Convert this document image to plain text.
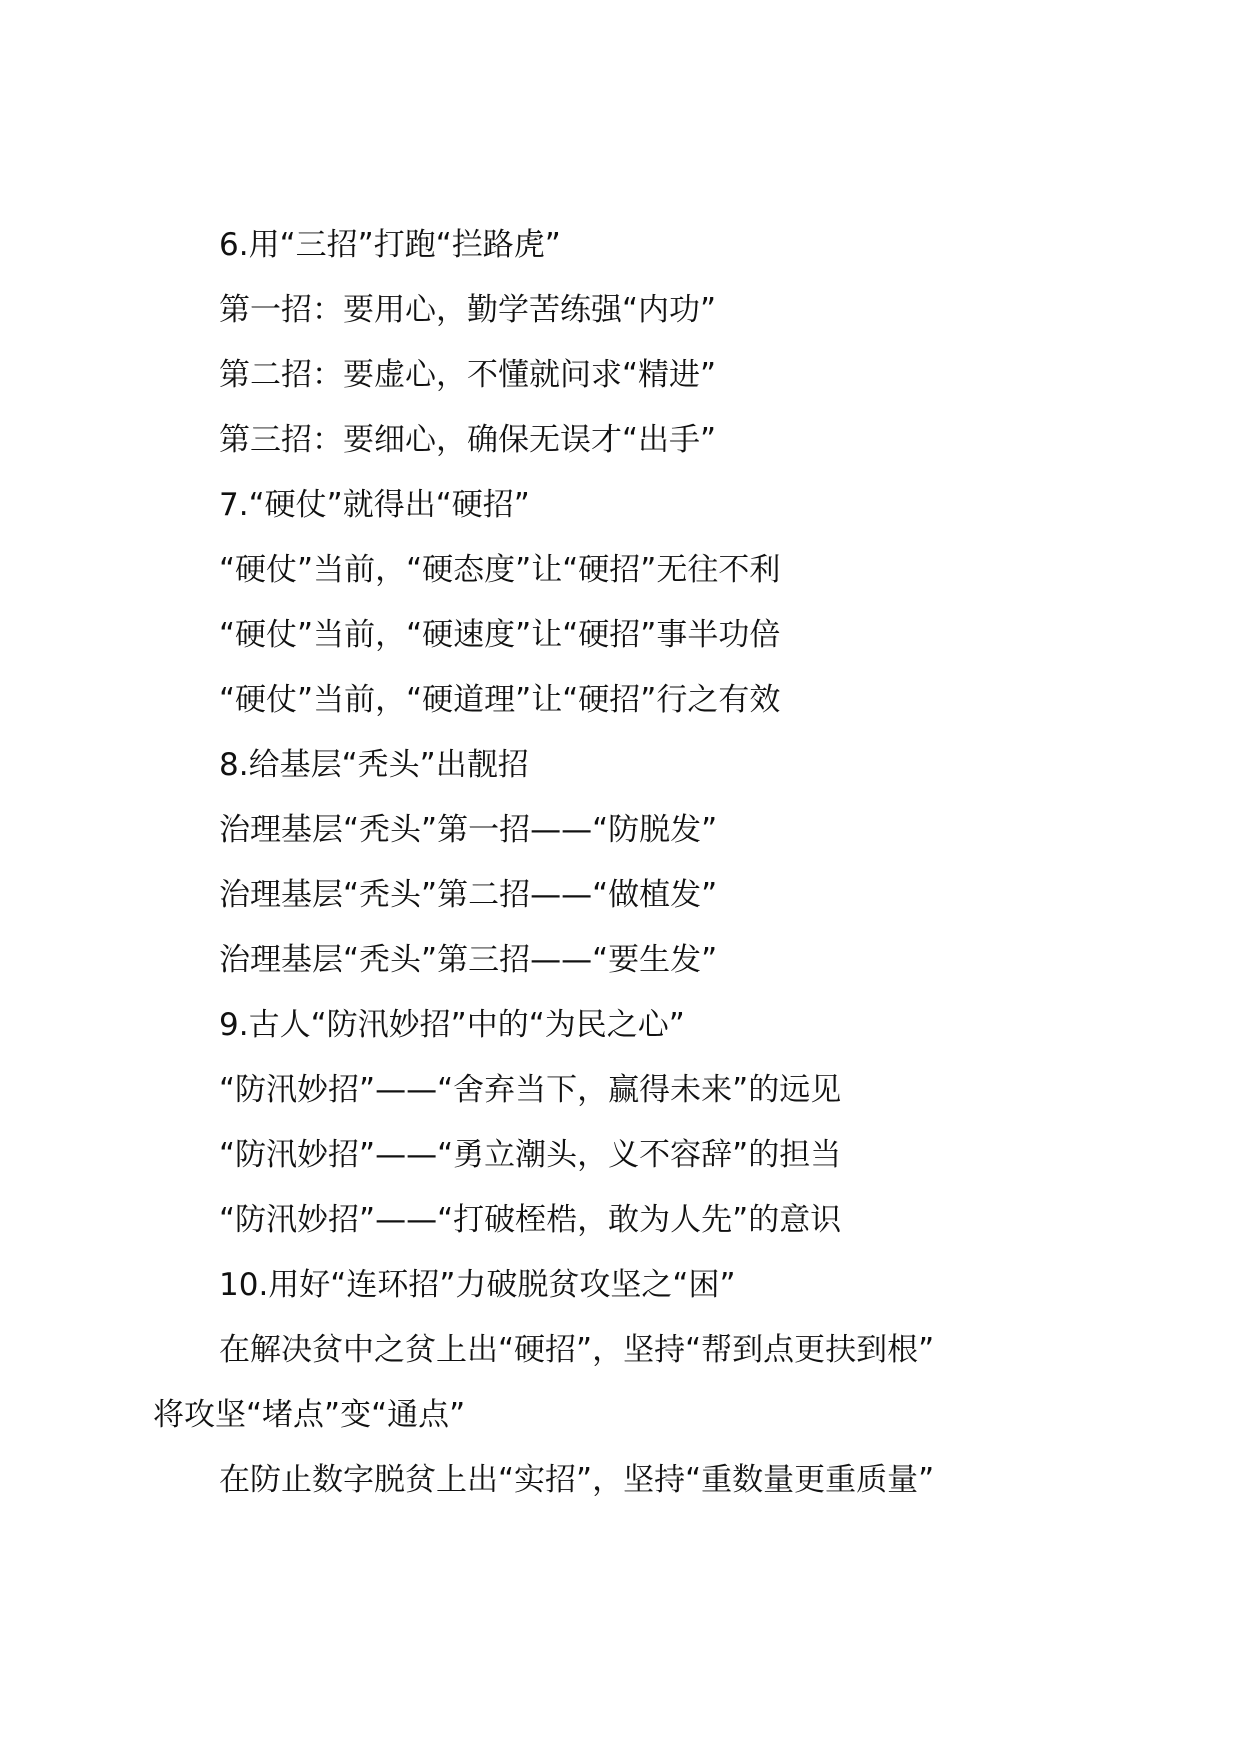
6.用“三招”打跑“拦路虎”
第一招：要用心，勤学苦练强“内功”
第二招：要虚心，不懂就问求“精进”
第三招：要细心，确保无误才“出手”
7.“硬仗”就得出“硬招”
“硬仗”当前，“硬态度”让“硬招”无往不利
“硬仗”当前，“硬速度”让“硬招”事半功倍
“硬仗”当前，“硬道理”让“硬招”行之有效
8.给基层“秃头”出靓招
治理基层“秃头”第一招——“防脱发”
治理基层“秃头”第二招——“做植发”
治理基层“秃头”第三招——“要生发”
9.古人“防汛妙招”中的“为民之心”
“防汛妙招”——“舍弃当下，赢得未来”的远见
“防汛妙招”——“勇立潮头，义不容辞”的担当
“防汛妙招”——“打破桎梏，敢为人先”的意识
10.用好“连环招”力破脱贫攻坚之“困”
在解决贫中之贫上出“硬招”，坚持“帮到点更扶到根”
将攻坚“堵点”变“通点”
在防止数字脱贫上出“实招”，坚持“重数量更重质量”
